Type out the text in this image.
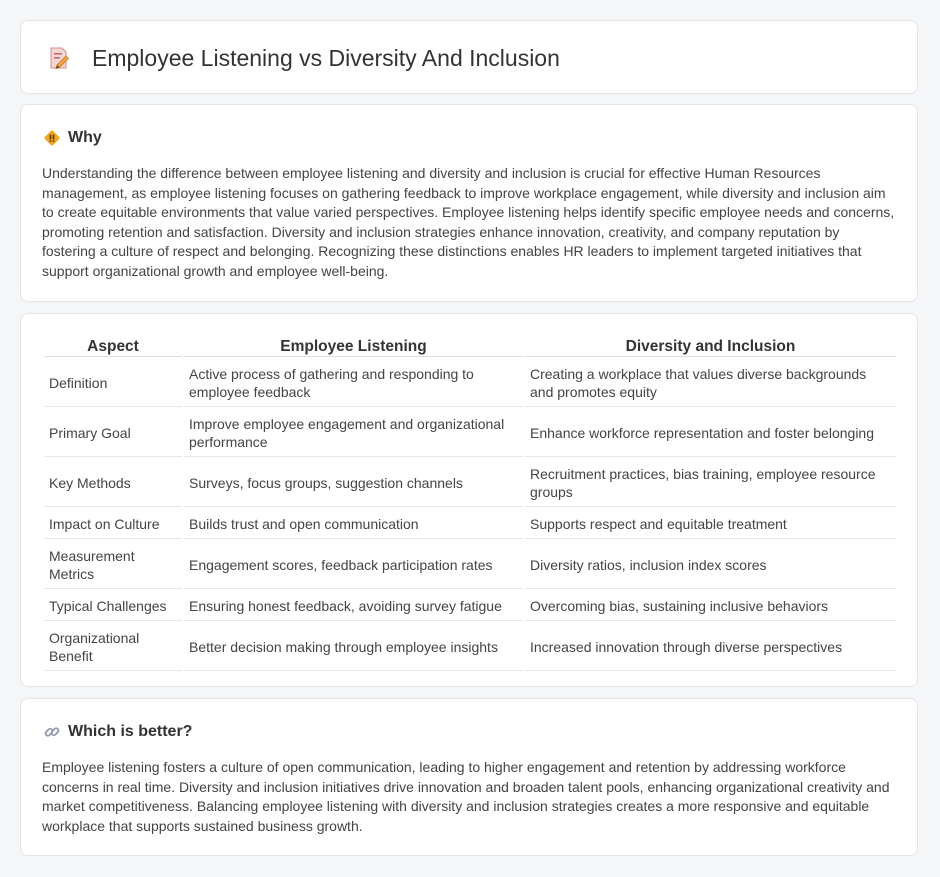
Employee Listening vs Diversity And Inclusion
Why

Understanding the difference between employee listening and diversity and inclusion is crucial for effective Human Resources management, as employee listening focuses on gathering feedback to improve workplace engagement, while diversity and inclusion aim to create equitable environments that value varied perspectives. Employee listening helps identify specific employee needs and concerns, promoting retention and satisfaction. Diversity and inclusion strategies enhance innovation, creativity, and company reputation by fostering a culture of respect and belonging. Recognizing these distinctions enables HR leaders to implement targeted initiatives that support organizational growth and employee well-being.

Aspect	Employee Listening	Diversity and Inclusion
Definition	Active process of gathering and responding to employee feedback	Creating a workplace that values diverse backgrounds and promotes equity
Primary Goal	Improve employee engagement and organizational performance	Enhance workforce representation and foster belonging
Key Methods	Surveys, focus groups, suggestion channels	Recruitment practices, bias training, employee resource groups
Impact on Culture	Builds trust and open communication	Supports respect and equitable treatment
Measurement Metrics	Engagement scores, feedback participation rates	Diversity ratios, inclusion index scores
Typical Challenges	Ensuring honest feedback, avoiding survey fatigue	Overcoming bias, sustaining inclusive behaviors
Organizational Benefit	Better decision making through employee insights	Increased innovation through diverse perspectives
Which is better?

Employee listening fosters a culture of open communication, leading to higher engagement and retention by addressing workforce concerns in real time. Diversity and inclusion initiatives drive innovation and broaden talent pools, enhancing organizational creativity and market competitiveness. Balancing employee listening with diversity and inclusion strategies creates a more responsive and equitable workplace that supports sustained business growth.
